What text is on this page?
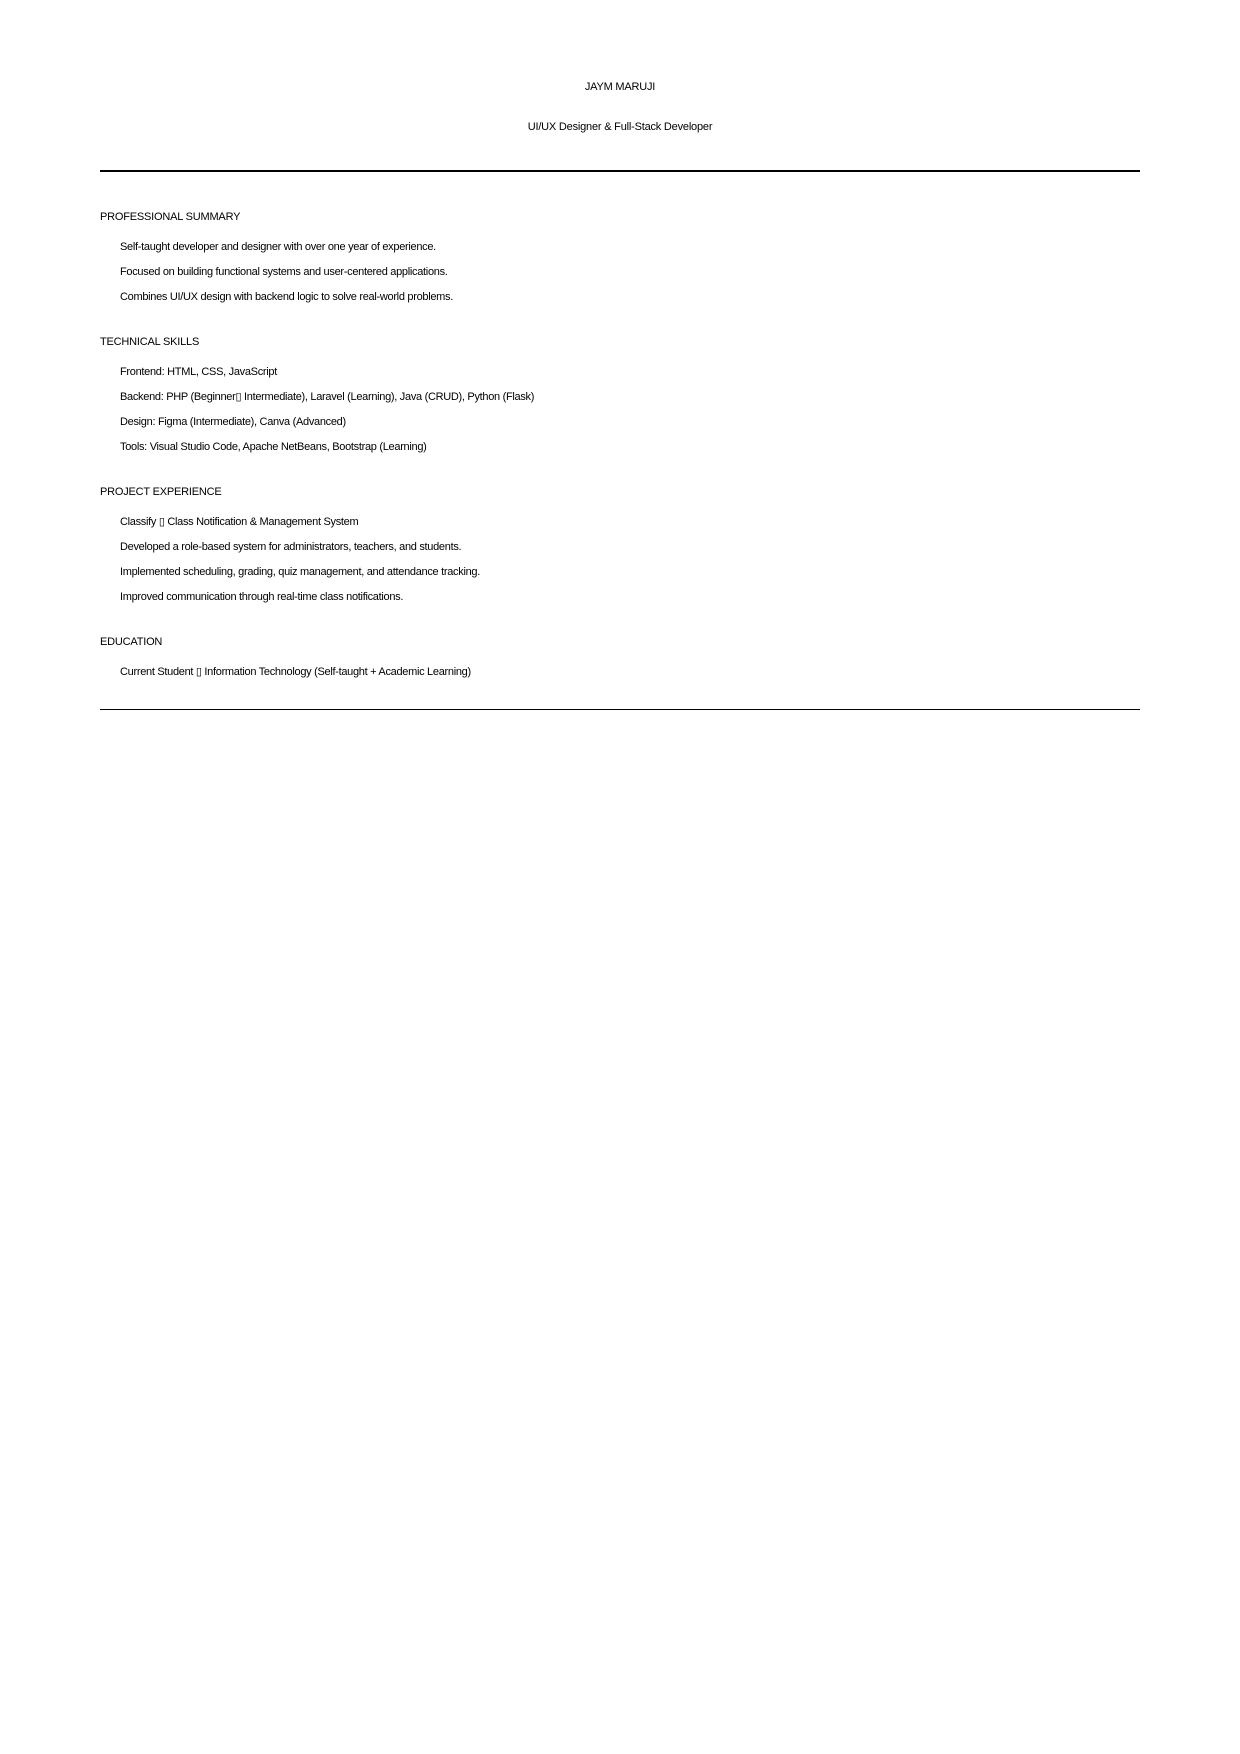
JAYM MARUJI
UI/UX Designer & Full-Stack Developer
PROFESSIONAL SUMMARY
Self-taught developer and designer with over one year of experience.
Focused on building functional systems and user-centered applications.
Combines UI/UX design with backend logic to solve real-world problems.
TECHNICAL SKILLS
Frontend: HTML, CSS, JavaScript
Backend: PHP (Beginner▯ Intermediate), Laravel (Learning), Java (CRUD), Python (Flask)
Design: Figma (Intermediate), Canva (Advanced)
Tools: Visual Studio Code, Apache NetBeans, Bootstrap (Learning)
PROJECT EXPERIENCE
Classify ▯ Class Notification & Management System
Developed a role-based system for administrators, teachers, and students.
Implemented scheduling, grading, quiz management, and attendance tracking.
Improved communication through real-time class notifications.
EDUCATION
Current Student ▯ Information Technology (Self-taught + Academic Learning)
